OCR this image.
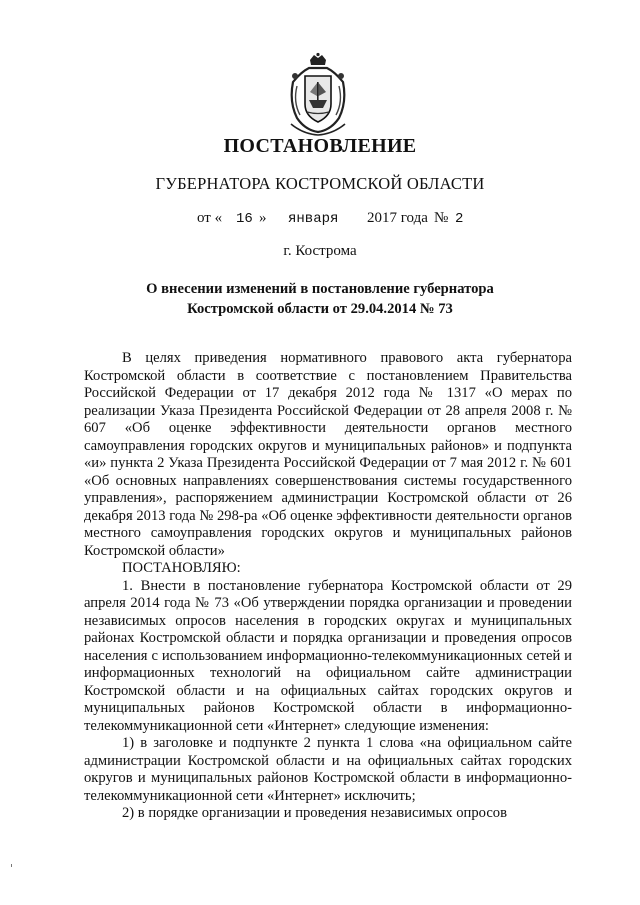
ПОСТАНОВЛЕНИЕ
ГУБЕРНАТОРА КОСТРОМСКОЙ ОБЛАСТИ
от « 16 » января 2017 года № 2
г. Кострома
О внесении изменений в постановление губернатора
Костромской области от 29.04.2014 № 73

В целях приведения нормативного правового акта губернатора Костромской области в соответствие с постановлением Правительства Российской Федерации от 17 декабря 2012 года № 1317 «О мерах по реализации Указа Президента Российской Федерации от 28 апреля 2008 г. № 607 «Об оценке эффективности деятельности органов местного самоуправления городских округов и муниципальных районов» и подпункта «и» пункта 2 Указа Президента Российской Федерации от 7 мая 2012 г. № 601 «Об основных направлениях совершенствования системы государственного управления», распоряжением администрации Костромской области от 26 декабря 2013 года № 298-ра «Об оценке эффективности деятельности органов местного самоуправления городских округов и муниципальных районов Костромской области»

ПОСТАНОВЛЯЮ:

1. Внести в постановление губернатора Костромской области от 29 апреля 2014 года № 73 «Об утверждении порядка организации и проведении независимых опросов населения в городских округах и муниципальных районах Костромской области и порядка организации и проведения опросов населения с использованием информационно-телекоммуникационных сетей и информационных технологий на официальном сайте администрации Костромской области и на официальных сайтах городских округов и муниципальных районов Костромской области в информационно-телекоммуникационной сети «Интернет» следующие изменения:

1) в заголовке и подпункте 2 пункта 1 слова «на официальном сайте администрации Костромской области и на официальных сайтах городских округов и муниципальных районов Костромской области в информационно-телекоммуникационной сети «Интернет» исключить;

2) в порядке организации и проведения независимых опросов
